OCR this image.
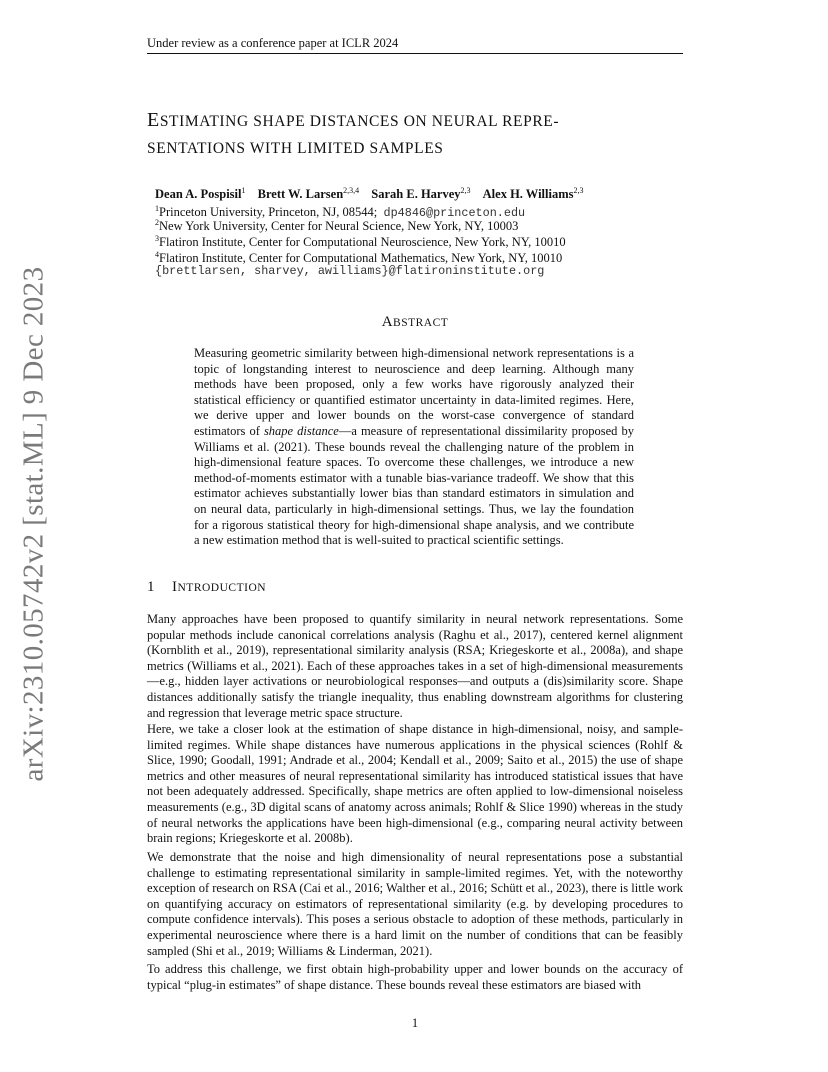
arXiv:2310.05742v2 [stat.ML] 9 Dec 2023
Under review as a conference paper at ICLR 2024
ESTIMATING SHAPE DISTANCES ON NEURAL REPRE-
SENTATIONS WITH LIMITED SAMPLES
Dean A. Pospisil$^1$ Brett W. Larsen$^{2,3,4}$ Sarah E. Harvey$^{2,3}$ Alex H. Williams$^{2,3}$
$^1$Princeton University, Princeton, NJ, 08544; dp4846@princeton.edu
$^2$New York University, Center for Neural Science, New York, NY, 10003
$^3$Flatiron Institute, Center for Computational Neuroscience, New York, NY, 10010
$^4$Flatiron Institute, Center for Computational Mathematics, New York, NY, 10010
{brettlarsen, sharvey, awilliams}@flatironinstitute.org
ABSTRACT
Measuring geometric similarity between high-dimensional network representations is a topic of longstanding interest to neuroscience and deep learning. Although many methods have been proposed, only a few works have rigorously analyzed their statistical efficiency or quantified estimator uncertainty in data-limited regimes. Here, we derive upper and lower bounds on the worst-case convergence of standard estimators of shape distance—a measure of representational dissimilarity proposed by Williams et al. (2021). These bounds reveal the challenging nature of the problem in high-dimensional feature spaces. To overcome these challenges, we introduce a new method-of-moments estimator with a tunable bias-variance tradeoff. We show that this estimator achieves substantially lower bias than standard estimators in simulation and on neural data, particularly in high-dimensional settings. Thus, we lay the foundation for a rigorous statistical theory for high-dimensional shape analysis, and we contribute a new estimation method that is well-suited to practical scientific settings.
1 INTRODUCTION
Many approaches have been proposed to quantify similarity in neural network representations. Some popular methods include canonical correlations analysis (Raghu et al., 2017), centered kernel alignment (Kornblith et al., 2019), representational similarity analysis (RSA; Kriegeskorte et al., 2008a), and shape metrics (Williams et al., 2021). Each of these approaches takes in a set of high-dimensional measurements—e.g., hidden layer activations or neurobiological responses—and outputs a (dis)similarity score. Shape distances additionally satisfy the triangle inequality, thus enabling downstream algorithms for clustering and regression that leverage metric space structure.
Here, we take a closer look at the estimation of shape distance in high-dimensional, noisy, and sample-limited regimes. While shape distances have numerous applications in the physical sciences (Rohlf & Slice, 1990; Goodall, 1991; Andrade et al., 2004; Kendall et al., 2009; Saito et al., 2015) the use of shape metrics and other measures of neural representational similarity has introduced statistical issues that have not been adequately addressed. Specifically, shape metrics are often applied to low-dimensional noiseless measurements (e.g., 3D digital scans of anatomy across animals; Rohlf & Slice 1990) whereas in the study of neural networks the applications have been high-dimensional (e.g., comparing neural activity between brain regions; Kriegeskorte et al. 2008b).
We demonstrate that the noise and high dimensionality of neural representations pose a substantial challenge to estimating representational similarity in sample-limited regimes. Yet, with the noteworthy exception of research on RSA (Cai et al., 2016; Walther et al., 2016; Schütt et al., 2023), there is little work on quantifying accuracy on estimators of representational similarity (e.g. by developing procedures to compute confidence intervals). This poses a serious obstacle to adoption of these methods, particularly in experimental neuroscience where there is a hard limit on the number of conditions that can be feasibly sampled (Shi et al., 2019; Williams & Linderman, 2021).
To address this challenge, we first obtain high-probability upper and lower bounds on the accuracy of typical “plug-in estimates” of shape distance. These bounds reveal these estimators are biased with
1
